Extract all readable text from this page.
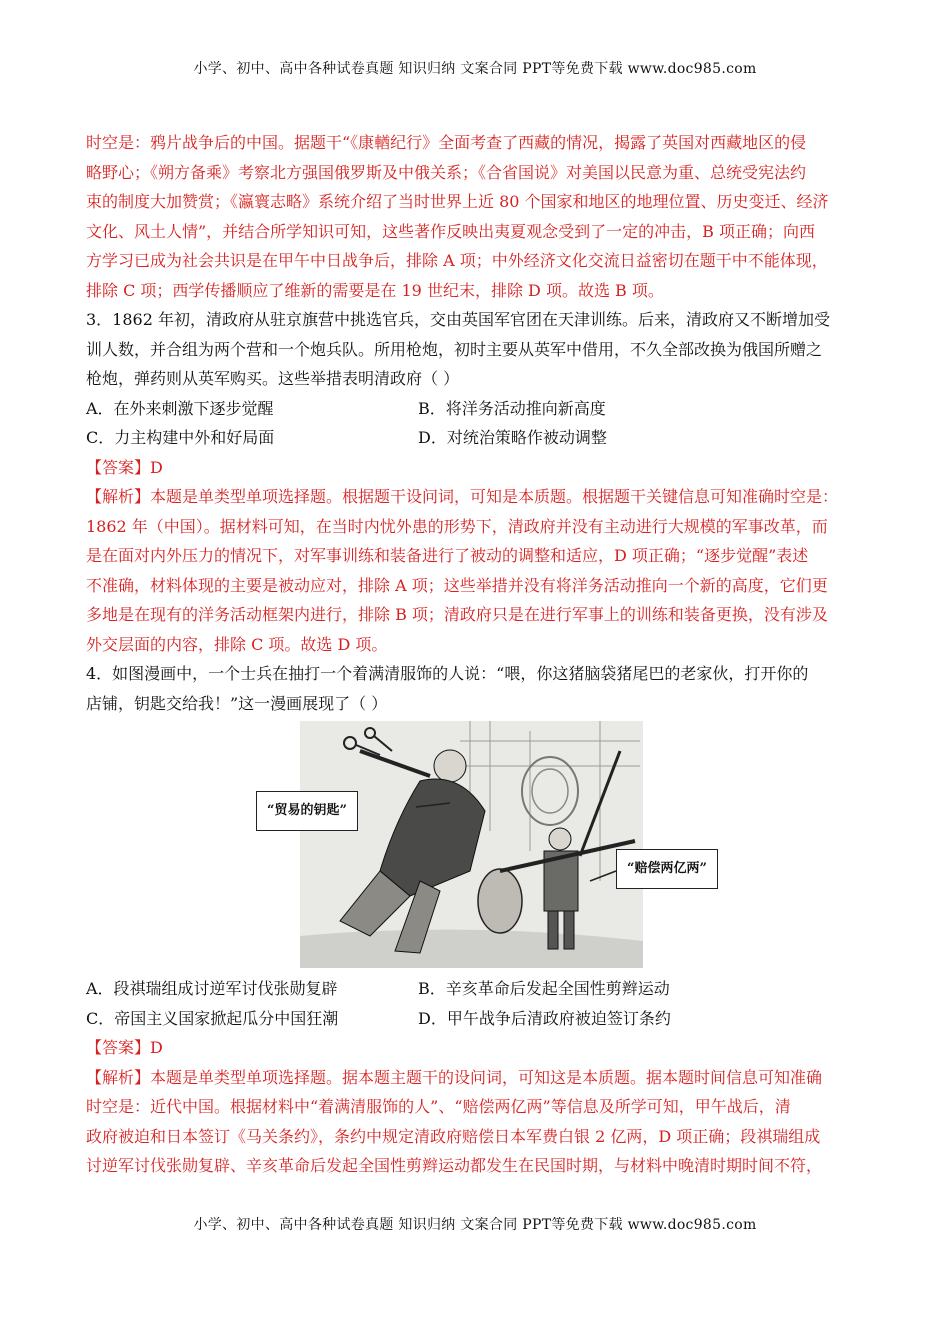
小学、初中、高中各种试卷真题 知识归纳 文案合同 PPT等免费下载 www.doc985.com

时空是：鸦片战争后的中国。据题干“《康輶纪行》全面考查了西藏的情况，揭露了英国对西藏地区的侵

略野心；《朔方备乘》考察北方强国俄罗斯及中俄关系；《合省国说》对美国以民意为重、总统受宪法约

束的制度大加赞赏；《瀛寰志略》系统介绍了当时世界上近 80 个国家和地区的地理位置、历史变迁、经济

文化、风土人情”，并结合所学知识可知，这些著作反映出夷夏观念受到了一定的冲击，B 项正确；向西

方学习已成为社会共识是在甲午中日战争后，排除 A 项；中外经济文化交流日益密切在题干中不能体现，

排除 C 项；西学传播顺应了维新的需要是在 19 世纪末，排除 D 项。故选 B 项。

3．1862 年初，清政府从驻京旗营中挑选官兵，交由英国军官团在天津训练。后来，清政府又不断增加受

训人数，并合组为两个营和一个炮兵队。所用枪炮，初时主要从英军中借用，不久全部改换为俄国所赠之

枪炮，弹药则从英军购买。这些举措表明清政府（ ）

A．在外来刺激下逐步觉醒	B．将洋务活动推向新高度
C．力主构建中外和好局面	D．对统治策略作被动调整

【答案】D

【解析】本题是单类型单项选择题。根据题干设问词，可知是本质题。根据题干关键信息可知准确时空是：

1862 年（中国）。据材料可知，在当时内忧外患的形势下，清政府并没有主动进行大规模的军事改革，而

是在面对内外压力的情况下，对军事训练和装备进行了被动的调整和适应，D 项正确；“逐步觉醒”表述

不准确，材料体现的主要是被动应对，排除 A 项；这些举措并没有将洋务活动推向一个新的高度，它们更

多地是在现有的洋务活动框架内进行，排除 B 项；清政府只是在进行军事上的训练和装备更换，没有涉及

外交层面的内容，排除 C 项。故选 D 项。

4．如图漫画中，一个士兵在抽打一个着满清服饰的人说：“喂，你这猪脑袋猪尾巴的老家伙，打开你的

店铺，钥匙交给我！”这一漫画展现了（ ）

“贸易的钥匙”
“赔偿两亿两”
A．段祺瑞组成讨逆军讨伐张勋复辟	B．辛亥革命后发起全国性剪辫运动
C．帝国主义国家掀起瓜分中国狂潮	D．甲午战争后清政府被迫签订条约

【答案】D

【解析】本题是单类型单项选择题。据本题主题干的设问词，可知这是本质题。据本题时间信息可知准确

时空是：近代中国。根据材料中“着满清服饰的人”、“赔偿两亿两”等信息及所学可知，甲午战后，清

政府被迫和日本签订《马关条约》，条约中规定清政府赔偿日本军费白银 2 亿两，D 项正确；段祺瑞组成

讨逆军讨伐张勋复辟、辛亥革命后发起全国性剪辫运动都发生在民国时期，与材料中晚清时期时间不符，

小学、初中、高中各种试卷真题 知识归纳 文案合同 PPT等免费下载 www.doc985.com
